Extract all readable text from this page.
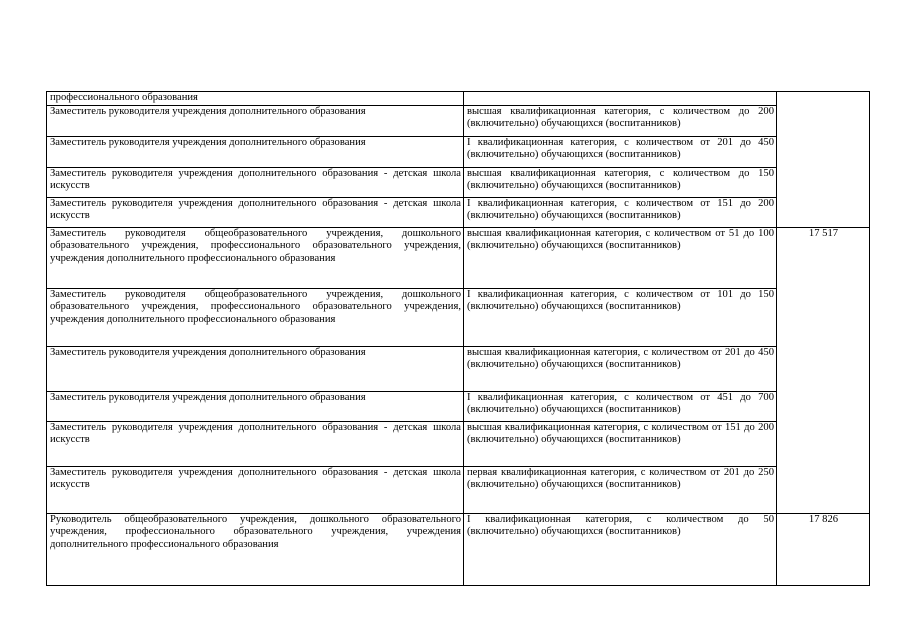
профессионального образования		
Заместитель руководителя учреждения дополнительного образования	высшая квалификационная категория, с количеством до 200 (включительно) обучающихся (воспитанников)	
Заместитель руководителя учреждения дополнительного образования	I квалификационная категория, с количеством от 201 до 450 (включительно) обучающихся (воспитанников)	
Заместитель руководителя учреждения дополнительного образования - детская школа искусств	высшая квалификационная категория, с количеством до 150 (включительно) обучающихся (воспитанников)	
Заместитель руководителя учреждения дополнительного образования - детская школа искусств	I квалификационная категория, с количеством от 151 до 200 (включительно) обучающихся (воспитанников)	
Заместитель руководителя общеобразовательного учреждения, дошкольного образовательного учреждения, профессионального образовательного учреждения, учреждения дополнительного профессионального образования	высшая квалификационная категория, с количеством от 51 до 100 (включительно) обучающихся (воспитанников)	17 517
Заместитель руководителя общеобразовательного учреждения, дошкольного образовательного учреждения, профессионального образовательного учреждения, учреждения дополнительного профессионального образования	I квалификационная категория, с количеством от 101 до 150 (включительно) обучающихся (воспитанников)	
Заместитель руководителя учреждения дополнительного образования	высшая квалификационная категория, с количеством от 201 до 450 (включительно) обучающихся (воспитанников)	
Заместитель руководителя учреждения дополнительного образования	I квалификационная категория, с количеством от 451 до 700 (включительно) обучающихся (воспитанников)	
Заместитель руководителя учреждения дополнительного образования - детская школа искусств	высшая квалификационная категория, с количеством от 151 до 200 (включительно) обучающихся (воспитанников)	
Заместитель руководителя учреждения дополнительного образования - детская школа искусств	первая квалификационная категория, с количеством от 201 до 250 (включительно) обучающихся (воспитанников)	
Руководитель общеобразовательного учреждения, дошкольного образовательного учреждения, профессионального образовательного учреждения, учреждения дополнительного профессионального образования	I квалификационная категория, с количеством до 50 (включительно) обучающихся (воспитанников)	17 826
